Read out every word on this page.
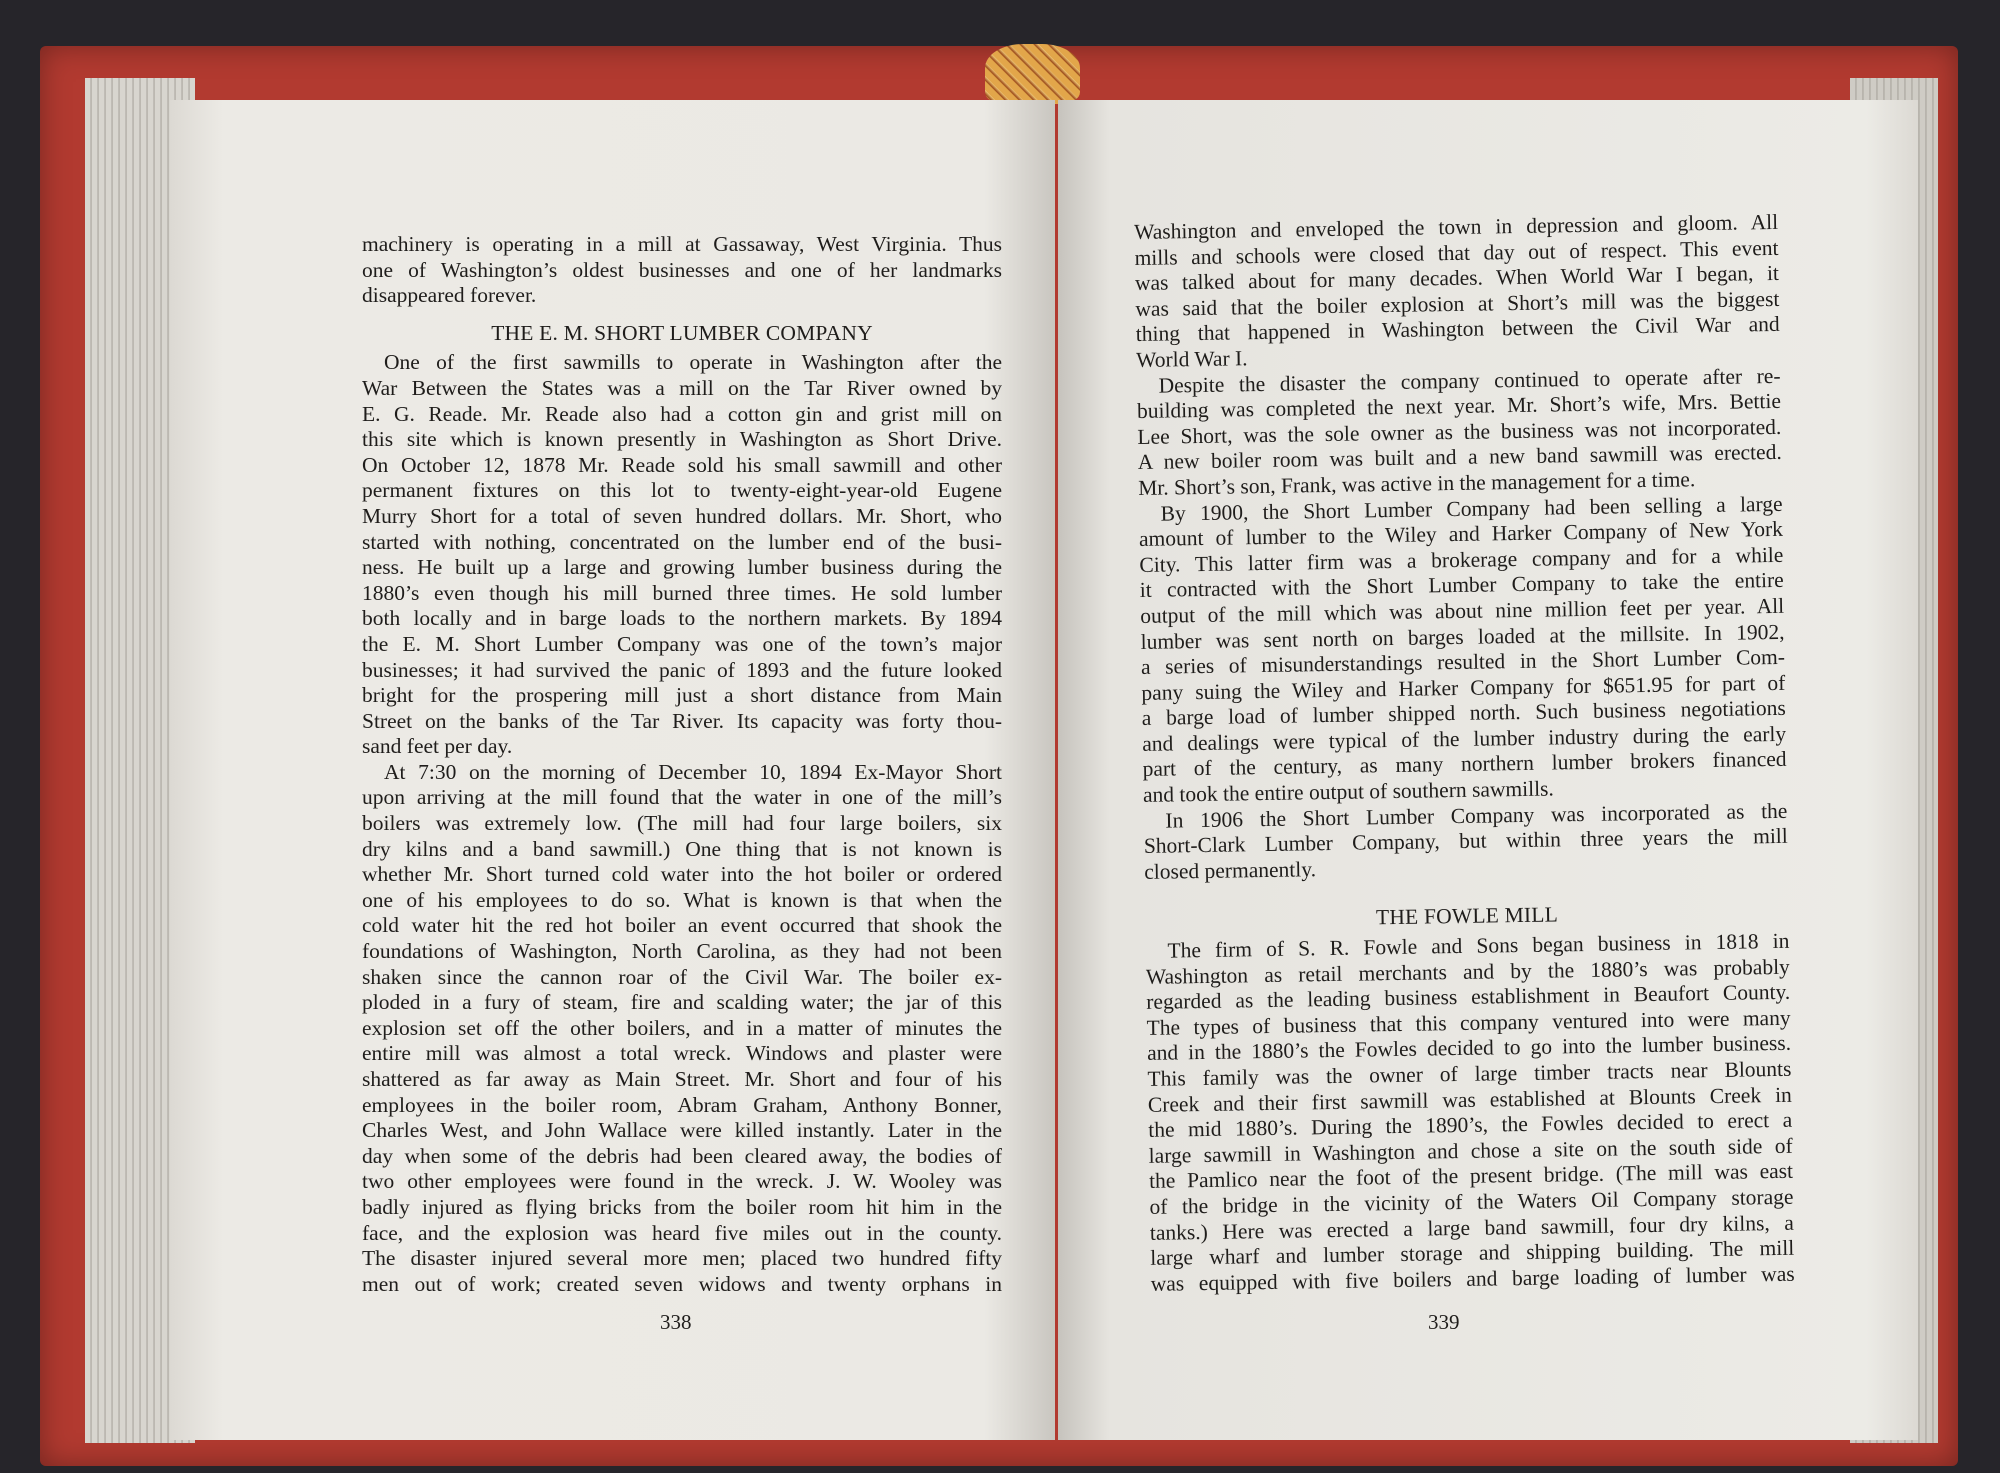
machinery is operating in a mill at Gassaway, West Virginia. Thus
one of Washington’s oldest businesses and one of her landmarks
disappeared forever.
THE E. M. SHORT LUMBER COMPANY
One of the first sawmills to operate in Washington after the
War Between the States was a mill on the Tar River owned by
E. G. Reade. Mr. Reade also had a cotton gin and grist mill on
this site which is known presently in Washington as Short Drive.
On October 12, 1878 Mr. Reade sold his small sawmill and other
permanent fixtures on this lot to twenty-eight-year-old Eugene
Murry Short for a total of seven hundred dollars. Mr. Short, who
started with nothing, concentrated on the lumber end of the busi-
ness. He built up a large and growing lumber business during the
1880’s even though his mill burned three times. He sold lumber
both locally and in barge loads to the northern markets. By 1894
the E. M. Short Lumber Company was one of the town’s major
businesses; it had survived the panic of 1893 and the future looked
bright for the prospering mill just a short distance from Main
Street on the banks of the Tar River. Its capacity was forty thou-
sand feet per day.
At 7:30 on the morning of December 10, 1894 Ex-Mayor Short
upon arriving at the mill found that the water in one of the mill’s
boilers was extremely low. (The mill had four large boilers, six
dry kilns and a band sawmill.) One thing that is not known is
whether Mr. Short turned cold water into the hot boiler or ordered
one of his employees to do so. What is known is that when the
cold water hit the red hot boiler an event occurred that shook the
foundations of Washington, North Carolina, as they had not been
shaken since the cannon roar of the Civil War. The boiler ex-
ploded in a fury of steam, fire and scalding water; the jar of this
explosion set off the other boilers, and in a matter of minutes the
entire mill was almost a total wreck. Windows and plaster were
shattered as far away as Main Street. Mr. Short and four of his
employees in the boiler room, Abram Graham, Anthony Bonner,
Charles West, and John Wallace were killed instantly. Later in the
day when some of the debris had been cleared away, the bodies of
two other employees were found in the wreck. J. W. Wooley was
badly injured as flying bricks from the boiler room hit him in the
face, and the explosion was heard five miles out in the county.
The disaster injured several more men; placed two hundred fifty
men out of work; created seven widows and twenty orphans in
338
Washington and enveloped the town in depression and gloom. All
mills and schools were closed that day out of respect. This event
was talked about for many decades. When World War I began, it
was said that the boiler explosion at Short’s mill was the biggest
thing that happened in Washington between the Civil War and
World War I.
Despite the disaster the company continued to operate after re-
building was completed the next year. Mr. Short’s wife, Mrs. Bettie
Lee Short, was the sole owner as the business was not incorporated.
A new boiler room was built and a new band sawmill was erected.
Mr. Short’s son, Frank, was active in the management for a time.
By 1900, the Short Lumber Company had been selling a large
amount of lumber to the Wiley and Harker Company of New York
City. This latter firm was a brokerage company and for a while
it contracted with the Short Lumber Company to take the entire
output of the mill which was about nine million feet per year. All
lumber was sent north on barges loaded at the millsite. In 1902,
a series of misunderstandings resulted in the Short Lumber Com-
pany suing the Wiley and Harker Company for $651.95 for part of
a barge load of lumber shipped north. Such business negotiations
and dealings were typical of the lumber industry during the early
part of the century, as many northern lumber brokers financed
and took the entire output of southern sawmills.
In 1906 the Short Lumber Company was incorporated as the
Short-Clark Lumber Company, but within three years the mill
closed permanently.
THE FOWLE MILL
The firm of S. R. Fowle and Sons began business in 1818 in
Washington as retail merchants and by the 1880’s was probably
regarded as the leading business establishment in Beaufort County.
The types of business that this company ventured into were many
and in the 1880’s the Fowles decided to go into the lumber business.
This family was the owner of large timber tracts near Blounts
Creek and their first sawmill was established at Blounts Creek in
the mid 1880’s. During the 1890’s, the Fowles decided to erect a
large sawmill in Washington and chose a site on the south side of
the Pamlico near the foot of the present bridge. (The mill was east
of the bridge in the vicinity of the Waters Oil Company storage
tanks.) Here was erected a large band sawmill, four dry kilns, a
large wharf and lumber storage and shipping building. The mill
was equipped with five boilers and barge loading of lumber was
339
